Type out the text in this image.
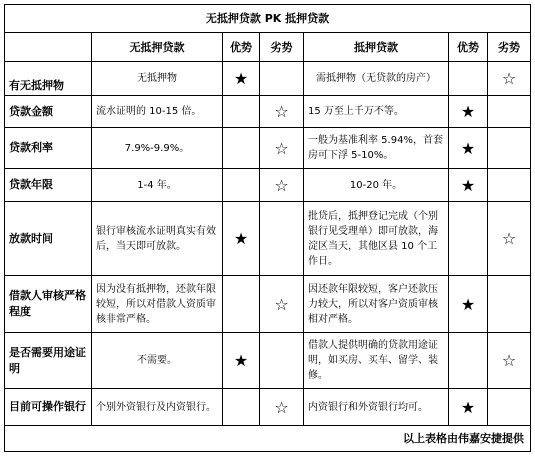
无抵押贷款 PK 抵押贷款						
	无抵押贷款	优势	劣势	抵押贷款	优势	劣势
有无抵押物	无抵押物	★		需抵押物（无贷款的房产）		☆
贷款金额	流水证明的 10-15 倍。		☆	15 万至上千万不等。	★	
贷款利率	7.9%-9.9%。		☆	一般为基准利率 5.94%，首套房可下浮 5-10%。	★	
贷款年限	1-4 年。		☆	10-20 年。	★	
放款时间	银行审核流水证明真实有效后，当天即可放款。	★		批贷后，抵押登记完成（个别银行见受理单）即可放款，海淀区当天，其他区县 10 个工作日。		☆
借款人审核严格程度	因为没有抵押物，还款年限较短，所以对借款人资质审核非常严格。		☆	因还款年限较短，客户还款压力较大，所以对客户资质审核相对严格。	★	
是否需要用途证明	不需要。	★		借款人提供明确的贷款用途证明，如买房、买车、留学、装修。		☆
目前可操作银行	个别外资银行及内资银行。		☆	内资银行和外资银行均可。	★	
以上表格由伟嘉安捷提供						
